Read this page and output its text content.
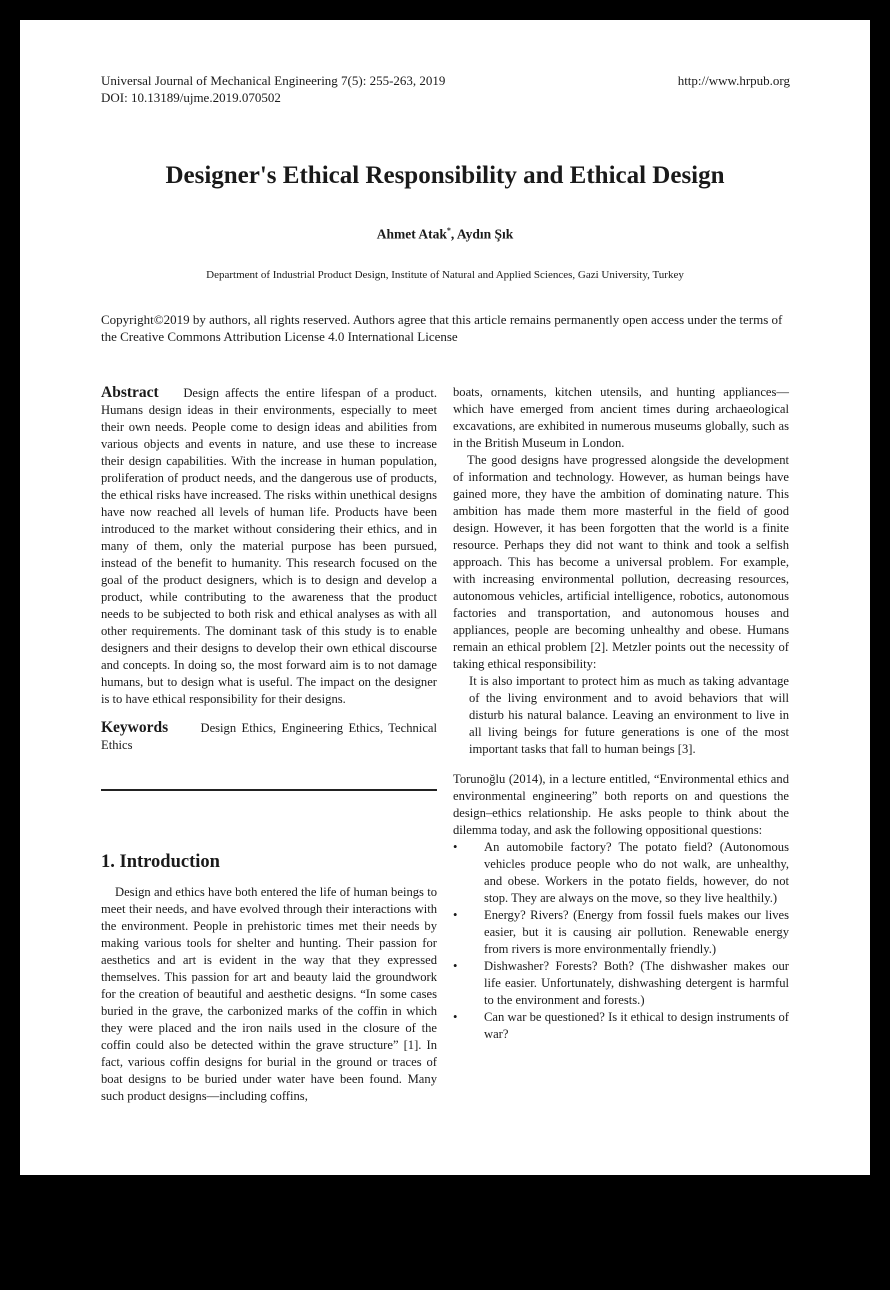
Universal Journal of Mechanical Engineering 7(5): 255-263, 2019
DOI: 10.13189/ujme.2019.070502
http://www.hrpub.org
Designer's Ethical Responsibility and Ethical Design
Ahmet Atak*, Aydın Şık
Department of Industrial Product Design, Institute of Natural and Applied Sciences, Gazi University, Turkey

Copyright©2019 by authors, all rights reserved. Authors agree that this article remains permanently open access under the terms of the Creative Commons Attribution License 4.0 International License

Abstract Design affects the entire lifespan of a product. Humans design ideas in their environments, especially to meet their own needs. People come to design ideas and abilities from various objects and events in nature, and use these to increase their design capabilities. With the increase in human population, proliferation of product needs, and the dangerous use of products, the ethical risks have increased. The risks within unethical designs have now reached all levels of human life. Products have been introduced to the market without considering their ethics, and in many of them, only the material purpose has been pursued, instead of the benefit to humanity. This research focused on the goal of the product designers, which is to design and develop a product, while contributing to the awareness that the product needs to be subjected to both risk and ethical analyses as with all other requirements. The dominant task of this study is to enable designers and their designs to develop their own ethical discourse and concepts. In doing so, the most forward aim is to not damage humans, but to design what is useful. The impact on the designer is to have ethical responsibility for their designs.

Keywords	Design Ethics, Engineering Ethics, Technical Ethics

1. Introduction

Design and ethics have both entered the life of human beings to meet their needs, and have evolved through their interactions with the environment. People in prehistoric times met their needs by making various tools for shelter and hunting. Their passion for aesthetics and art is evident in the way that they expressed themselves. This passion for art and beauty laid the groundwork for the creation of beautiful and aesthetic designs. “In some cases buried in the grave, the carbonized marks of the coffin in which they were placed and the iron nails used in the closure of the coffin could also be detected within the grave structure” [1]. In fact, various coffin designs for burial in the ground or traces of boat designs to be buried under water have been found. Many such product designs—including coffins,

boats, ornaments, kitchen utensils, and hunting appliances—which have emerged from ancient times during archaeological excavations, are exhibited in numerous museums globally, such as in the British Museum in London.

The good designs have progressed alongside the development of information and technology. However, as human beings have gained more, they have the ambition of dominating nature. This ambition has made them more masterful in the field of good design. However, it has been forgotten that the world is a finite resource. Perhaps they did not want to think and took a selfish approach. This has become a universal problem. For example, with increasing environmental pollution, decreasing resources, autonomous vehicles, artificial intelligence, robotics, autonomous factories and transportation, and autonomous houses and appliances, people are becoming unhealthy and obese. Humans remain an ethical problem [2]. Metzler points out the necessity of taking ethical responsibility:

It is also important to protect him as much as taking advantage of the living environment and to avoid behaviors that will disturb his natural balance. Leaving an environment to live in all living beings for future generations is one of the most important tasks that fall to human beings [3].

Torunoğlu (2014), in a lecture entitled, “Environmental ethics and environmental engineering” both reports on and questions the design–ethics relationship. He asks people to think about the dilemma today, and ask the following oppositional questions:

• An automobile factory? The potato field? (Autonomous vehicles produce people who do not walk, are unhealthy, and obese. Workers in the potato fields, however, do not stop. They are always on the move, so they live healthily.)
• Energy? Rivers? (Energy from fossil fuels makes our lives easier, but it is causing air pollution. Renewable energy from rivers is more environmentally friendly.)
• Dishwasher? Forests? Both? (The dishwasher makes our life easier. Unfortunately, dishwashing detergent is harmful to the environment and forests.)
• Can war be questioned? Is it ethical to design instruments of war?
